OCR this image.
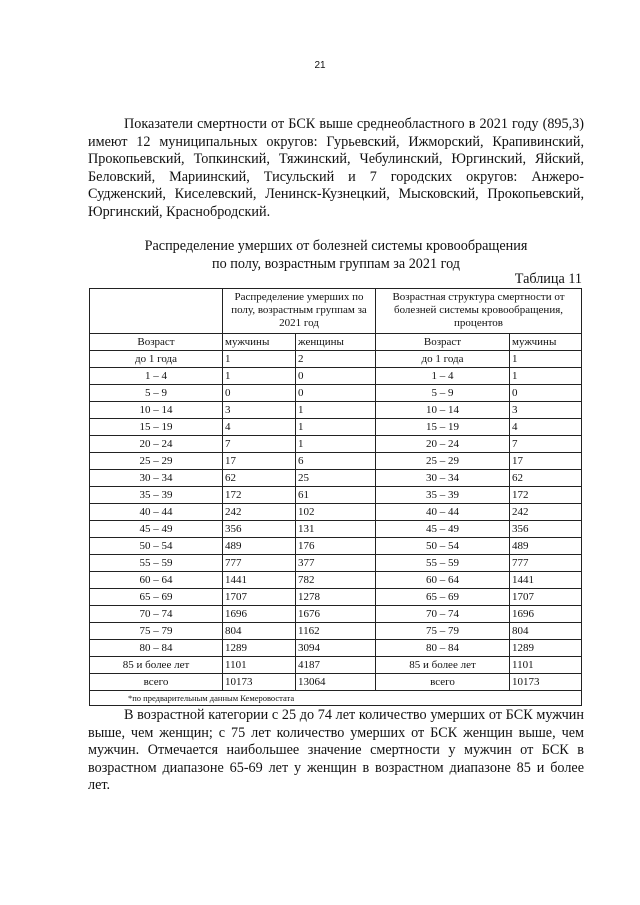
21

Показатели смертности от БСК выше среднеобластного в 2021 году (895,3) имеют 12 муниципальных округов: Гурьевский, Ижморский, Крапивинский, Прокопьевский, Топкинский, Тяжинский, Чебулинский, Юргинский, Яйский, Беловский, Мариинский, Тисульский и 7 городских округов: Анжеро-Судженский, Киселевский, Ленинск-Кузнецкий, Мысковский, Прокопьевский, Юргинский, Краснобродский.

Распределение умерших от болезней системы кровообращения
по полу, возрастным группам за 2021 год
Таблица 11
	Распределение умерших по полу, возрастным группам за 2021 год		Возрастная структура смертности от болезней системы кровообращения, процентов	
Возраст	мужчины	женщины	Возраст	мужчины
до 1 года	1	2	до 1 года	1
1 – 4	1	0	1 – 4	1
5 – 9	0	0	5 – 9	0
10 – 14	3	1	10 – 14	3
15 – 19	4	1	15 – 19	4
20 – 24	7	1	20 – 24	7
25 – 29	17	6	25 – 29	17
30 – 34	62	25	30 – 34	62
35 – 39	172	61	35 – 39	172
40 – 44	242	102	40 – 44	242
45 – 49	356	131	45 – 49	356
50 – 54	489	176	50 – 54	489
55 – 59	777	377	55 – 59	777
60 – 64	1441	782	60 – 64	1441
65 – 69	1707	1278	65 – 69	1707
70 – 74	1696	1676	70 – 74	1696
75 – 79	804	1162	75 – 79	804
80 – 84	1289	3094	80 – 84	1289
85 и более лет	1101	4187	85 и более лет	1101
всего	10173	13064	всего	10173
*по предварительным данным Кемеровостата				

В возрастной категории с 25 до 74 лет количество умерших от БСК мужчин выше, чем женщин; с 75 лет количество умерших от БСК женщин выше, чем мужчин. Отмечается наибольшее значение смертности у мужчин от БСК в возрастном диапазоне 65-69 лет у женщин в возрастном диапазоне 85 и более лет.
